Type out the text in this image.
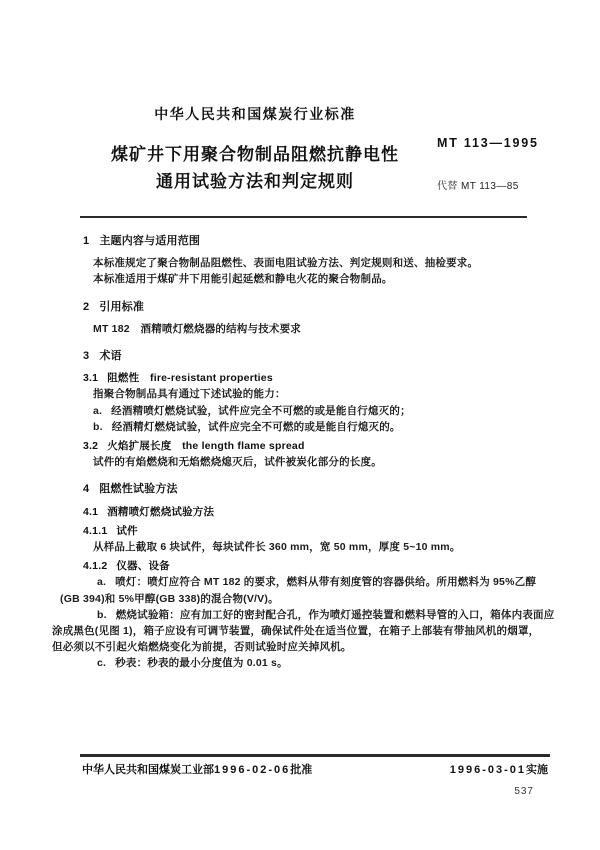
中华人民共和国煤炭行业标准
煤矿井下用聚合物制品阻燃抗静电性
通用试验方法和判定规则
MT 113—1995
代替 MT 113—85
1 主题内容与适用范围
本标准规定了聚合物制品阻燃性、表面电阻试验方法、判定规则和送、抽检要求。
本标准适用于煤矿井下用能引起延燃和静电火花的聚合物制品。
2 引用标准
MT 182　酒精喷灯燃烧器的结构与技术要求
3 术语
3.1 阻燃性　fire-resistant properties
指聚合物制品具有通过下述试验的能力：
a. 经酒精喷灯燃烧试验，试件应完全不可燃的或是能自行熄灭的；
b. 经酒精灯燃烧试验，试件应完全不可燃的或是能自行熄灭的。
3.2 火焰扩展长度　the length flame spread
试件的有焰燃烧和无焰燃烧熄灭后，试件被炭化部分的长度。
4 阻燃性试验方法
4.1 酒精喷灯燃烧试验方法
4.1.1 试件
从样品上截取 6 块试件，每块试件长 360 mm，宽 50 mm，厚度 5~10 mm。
4.1.2 仪器、设备
a. 喷灯：喷灯应符合 MT 182 的要求，燃料从带有刻度管的容器供给。所用燃料为 95%乙醇
(GB 394)和 5%甲醇(GB 338)的混合物(V/V)。
b. 燃烧试验箱：应有加工好的密封配合孔，作为喷灯遥控装置和燃料导管的入口，箱体内表面应
涂成黑色(见图 1)，箱子应设有可调节装置，确保试件处在适当位置，在箱子上部装有带抽风机的烟罩，
但必须以不引起火焰燃烧变化为前提，否则试验时应关掉风机。
c. 秒表：秒表的最小分度值为 0.01 s。
中华人民共和国煤炭工业部1996-02-06批准	1996-03-01实施
537
